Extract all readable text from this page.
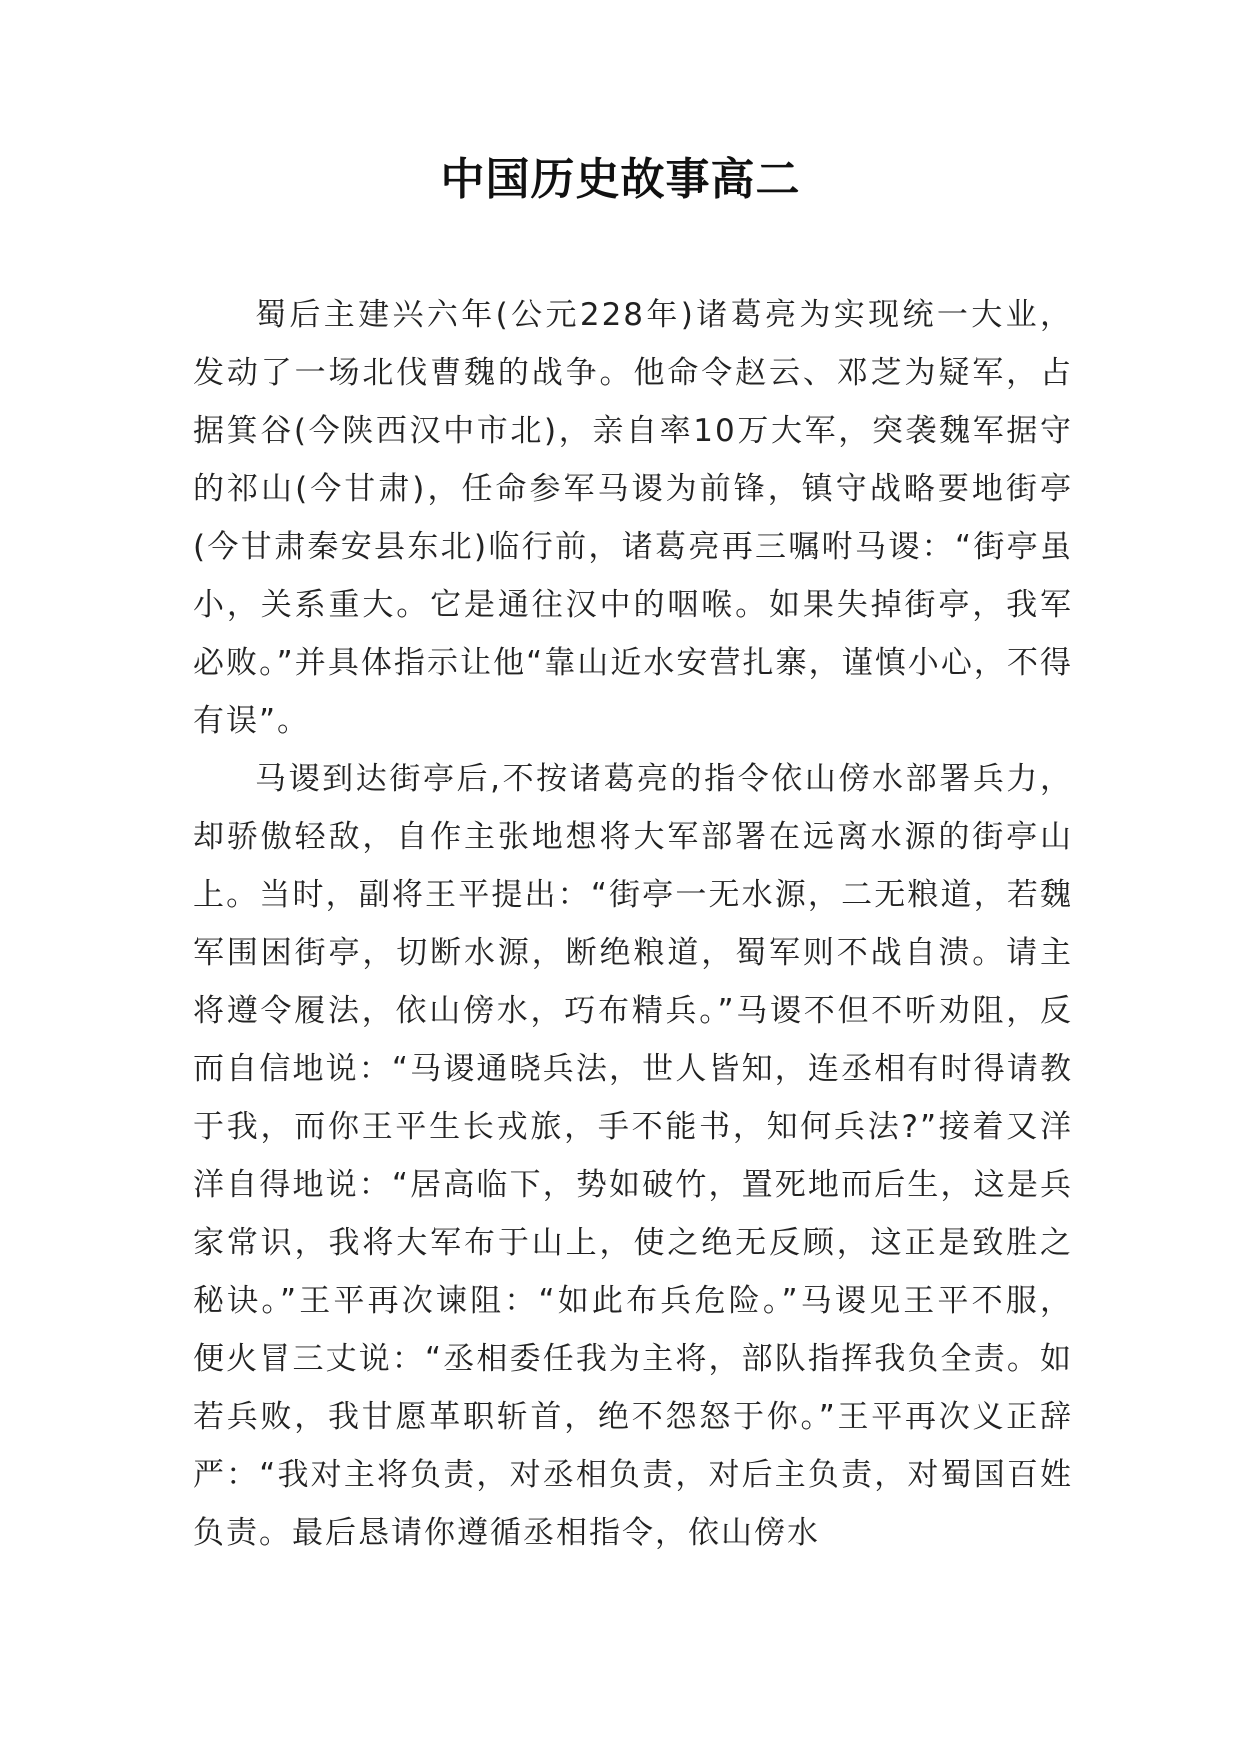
中国历史故事高二

蜀后主建兴六年(公元228年)诸葛亮为实现统一大业，发动了一场北伐曹魏的战争。他命令赵云、邓芝为疑军，占据箕谷(今陕西汉中市北)，亲自率10万大军，突袭魏军据守的祁山(今甘肃)，任命参军马谡为前锋，镇守战略要地街亭(今甘肃秦安县东北)临行前，诸葛亮再三嘱咐马谡：“街亭虽小，关系重大。它是通往汉中的咽喉。如果失掉街亭，我军必败。”并具体指示让他“靠山近水安营扎寨，谨慎小心，不得有误”。

马谡到达街亭后,不按诸葛亮的指令依山傍水部署兵力，却骄傲轻敌，自作主张地想将大军部署在远离水源的街亭山上。当时，副将王平提出：“街亭一无水源，二无粮道，若魏军围困街亭，切断水源，断绝粮道，蜀军则不战自溃。请主将遵令履法，依山傍水，巧布精兵。”马谡不但不听劝阻，反而自信地说：“马谡通晓兵法，世人皆知，连丞相有时得请教于我，而你王平生长戎旅，手不能书，知何兵法?”接着又洋洋自得地说：“居高临下，势如破竹，置死地而后生，这是兵家常识，我将大军布于山上，使之绝无反顾，这正是致胜之秘诀。”王平再次谏阻：“如此布兵危险。”马谡见王平不服，便火冒三丈说：“丞相委任我为主将，部队指挥我负全责。如若兵败，我甘愿革职斩首，绝不怨怒于你。”王平再次义正辞严：“我对主将负责，对丞相负责，对后主负责，对蜀国百姓负责。最后恳请你遵循丞相指令，依山傍水
